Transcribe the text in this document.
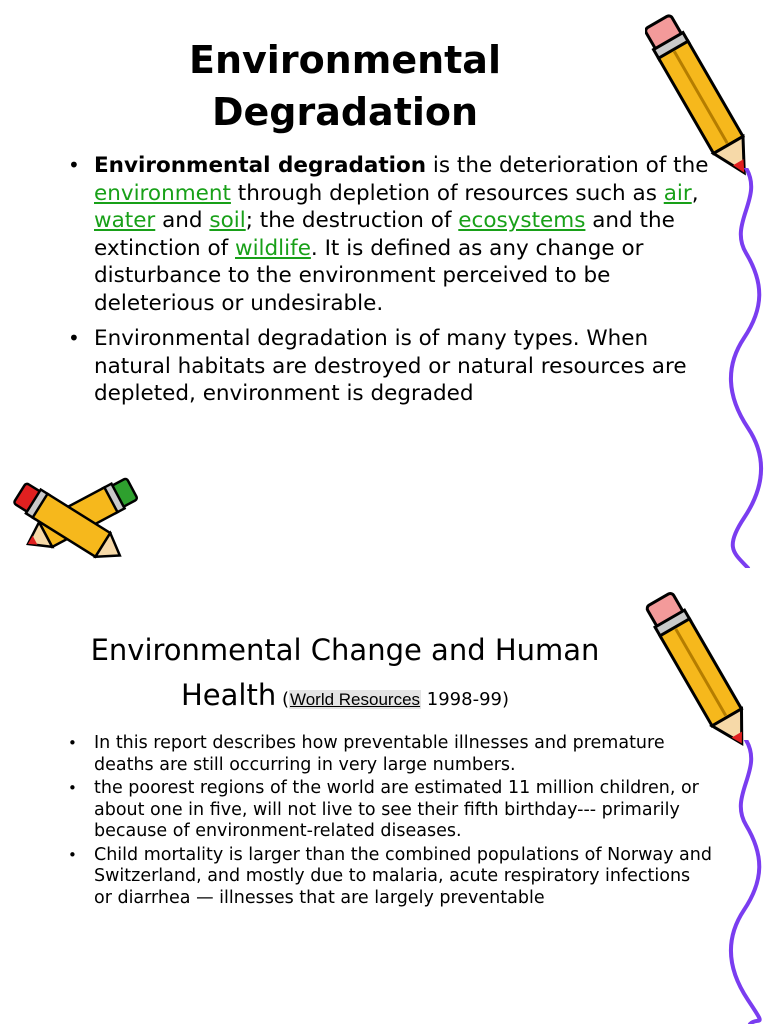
Environmental
Degradation
• Environmental degradation is the deterioration of the environment through depletion of resources such as air, water and soil; the destruction of ecosystems and the extinction of wildlife. It is defined as any change or disturbance to the environment perceived to be deleterious or undesirable.
• Environmental degradation is of many types. When natural habitats are destroyed or natural resources are depleted, environment is degraded
Environmental Change and Human Health (World Resources 1998-99)
• In this report describes how preventable illnesses and premature deaths are still occurring in very large numbers.
• the poorest regions of the world are estimated 11 million children, or about one in five, will not live to see their fifth birthday--- primarily because of environment-related diseases.
• Child mortality is larger than the combined populations of Norway and Switzerland, and mostly due to malaria, acute respiratory infections or diarrhea — illnesses that are largely preventable
